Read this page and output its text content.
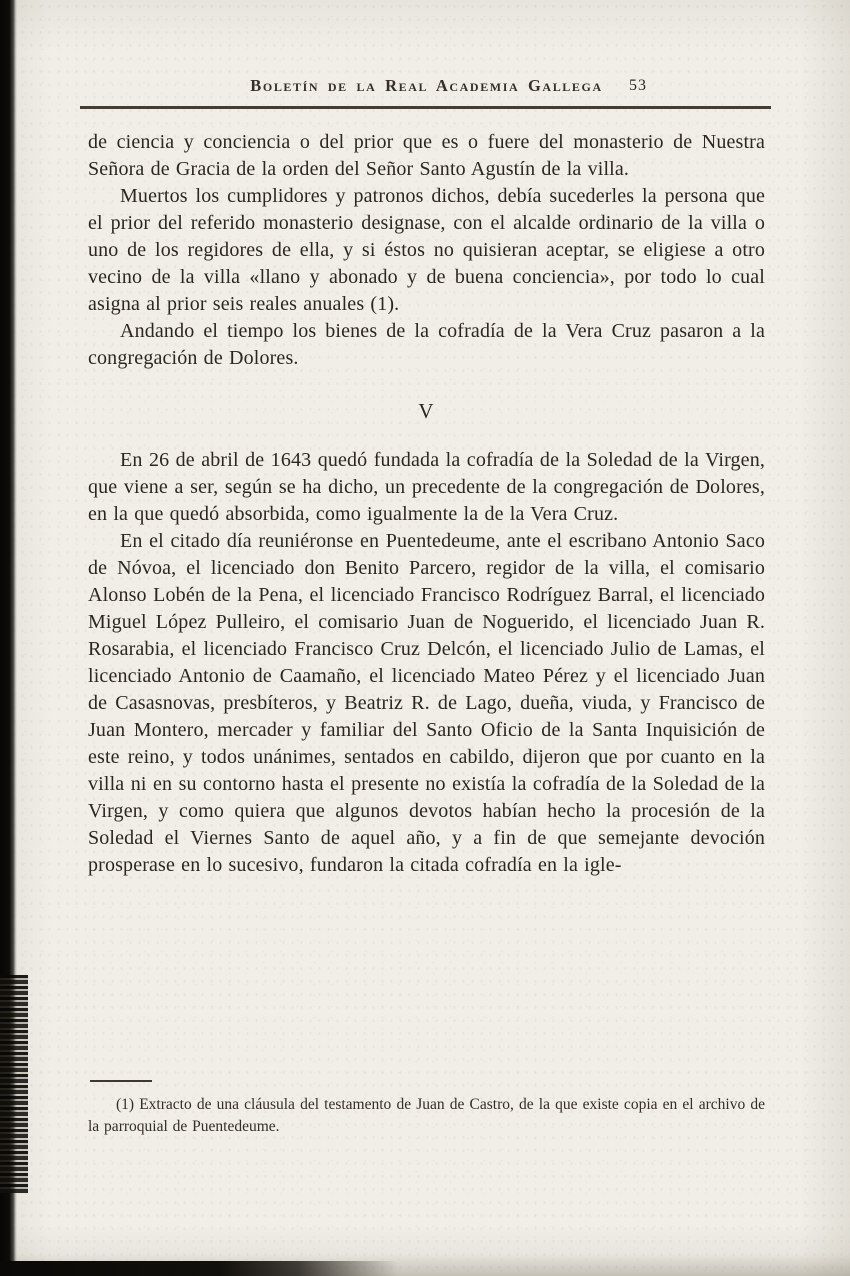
Boletín de la Real Academia Gallega 53

de ciencia y conciencia o del prior que es o fuere del monasterio de Nuestra Señora de Gracia de la orden del Señor Santo Agustín de la villa.

Muertos los cumplidores y patronos dichos, debía sucederles la persona que el prior del referido monasterio designase, con el alcalde ordinario de la villa o uno de los regidores de ella, y si éstos no quisieran aceptar, se eligiese a otro vecino de la villa «llano y abonado y de buena conciencia», por todo lo cual asigna al prior seis reales anuales (1).

Andando el tiempo los bienes de la cofradía de la Vera Cruz pasaron a la congregación de Dolores.

V

En 26 de abril de 1643 quedó fundada la cofradía de la Soledad de la Virgen, que viene a ser, según se ha dicho, un precedente de la congregación de Dolores, en la que quedó absorbida, como igualmente la de la Vera Cruz.

En el citado día reuniéronse en Puentedeume, ante el escribano Antonio Saco de Nóvoa, el licenciado don Benito Parcero, regidor de la villa, el comisario Alonso Lobén de la Pena, el licenciado Francisco Rodríguez Barral, el licenciado Miguel López Pulleiro, el comisario Juan de Noguerido, el licenciado Juan R. Rosarabia, el licenciado Francisco Cruz Delcón, el licenciado Julio de Lamas, el licenciado Antonio de Caamaño, el licenciado Mateo Pérez y el licenciado Juan de Casasnovas, presbíteros, y Beatriz R. de Lago, dueña, viuda, y Francisco de Juan Montero, mercader y familiar del Santo Oficio de la Santa Inquisición de este reino, y todos unánimes, sentados en cabildo, dijeron que por cuanto en la villa ni en su contorno hasta el presente no existía la cofradía de la Soledad de la Virgen, y como quiera que algunos devotos habían hecho la procesión de la Soledad el Viernes Santo de aquel año, y a fin de que semejante devoción prosperase en lo sucesivo, fundaron la citada cofradía en la igle-

(1) Extracto de una cláusula del testamento de Juan de Castro, de la que existe copia en el archivo de la parroquial de Puentedeume.
